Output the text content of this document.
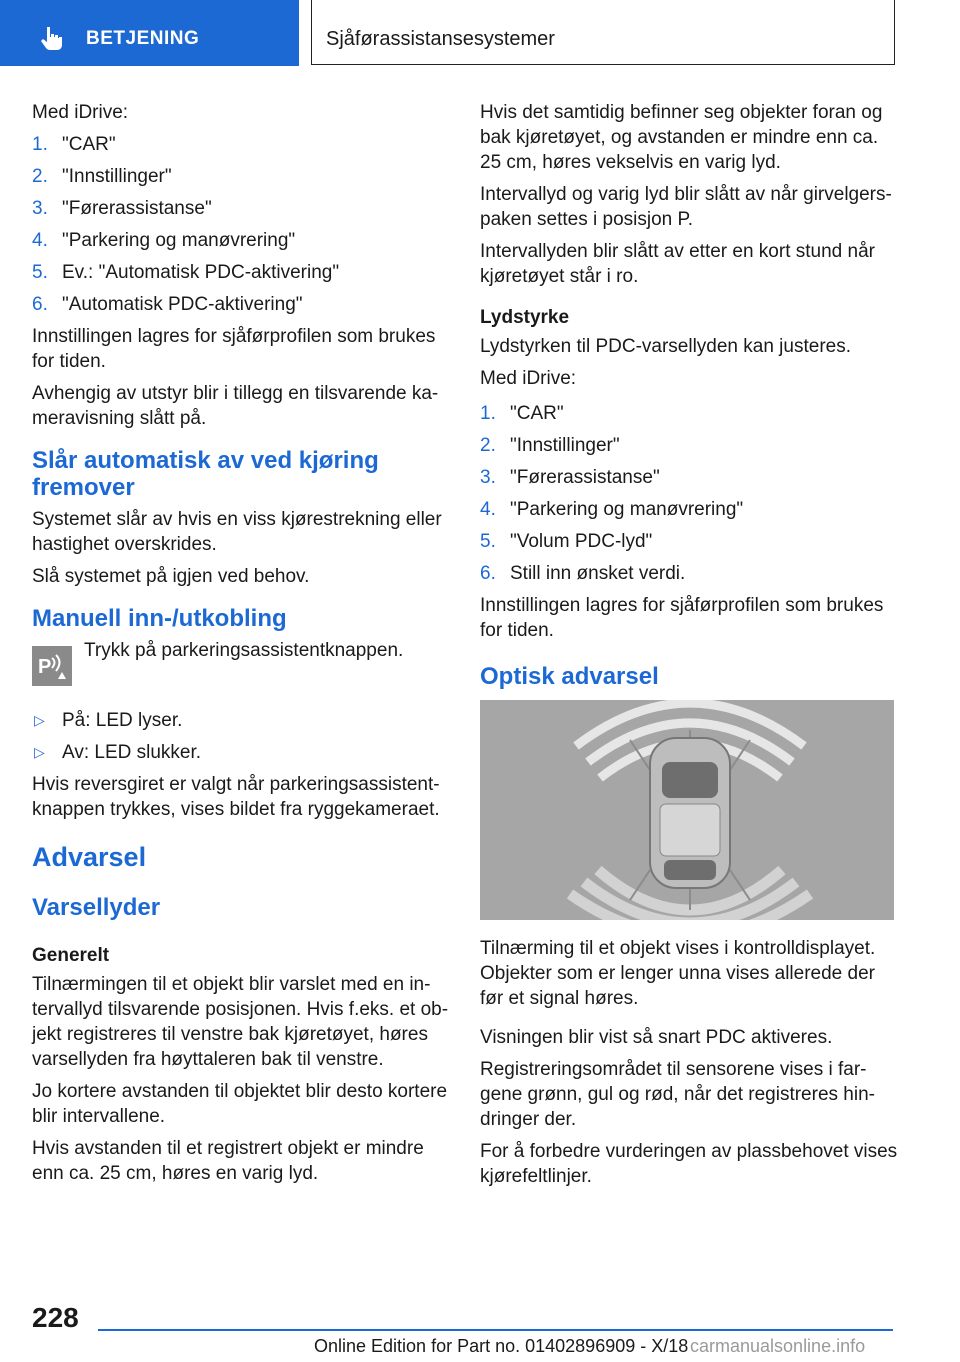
BETJENING	Sjåførassistansesystemer

Med iDrive:

1. "CAR"
2. "Innstillinger"
3. "Førerassistanse"
4. "Parkering og manøvrering"
5. Ev.: "Automatisk PDC-aktivering"
6. "Automatisk PDC-aktivering"

Innstillingen lagres for sjåførprofilen som brukes for tiden.

Avhengig av utstyr blir i tillegg en tilsvarende kameravisning slått på.

Slår automatisk av ved kjøring fremover

Systemet slår av hvis en viss kjørestrekning eller hastighet overskrides.

Slå systemet på igjen ved behov.

Manuell inn-/utkobling
P
Trykk på parkeringsassistentknappen.
▷ På: LED lyser.
▷ Av: LED slukker.

Hvis reversgiret er valgt når parkeringsassistentknappen trykkes, vises bildet fra ryggekameraet.

Advarsel
Varsellyder
Generelt

Tilnærmingen til et objekt blir varslet med en intervallyd tilsvarende posisjonen. Hvis f.eks. et objekt registreres til venstre bak kjøretøyet, høres varsellyden fra høyttaleren bak til venstre.

Jo kortere avstanden til objektet blir desto kortere blir intervallene.

Hvis avstanden til et registrert objekt er mindre enn ca. 25 cm, høres en varig lyd.

Hvis det samtidig befinner seg objekter foran og bak kjøretøyet, og avstanden er mindre enn ca. 25 cm, høres vekselvis en varig lyd.

Intervallyd og varig lyd blir slått av når girvelgerspaken settes i posisjon P.

Intervallyden blir slått av etter en kort stund når kjøretøyet står i ro.

Lydstyrke

Lydstyrken til PDC-varsellyden kan justeres.

Med iDrive:

1. "CAR"
2. "Innstillinger"
3. "Førerassistanse"
4. "Parkering og manøvrering"
5. "Volum PDC-lyd"
6. Still inn ønsket verdi.

Innstillingen lagres for sjåførprofilen som brukes for tiden.

Optisk advarsel

Tilnærming til et objekt vises i kontrolldisplayet. Objekter som er lenger unna vises allerede der før et signal høres.

Visningen blir vist så snart PDC aktiveres.

Registreringsområdet til sensorene vises i fargene grønn, gul og rød, når det registreres hindringer der.

For å forbedre vurderingen av plassbehovet vises kjørefeltlinjer.

228
Online Edition for Part no. 01402896909 - X/18 carmanualsonline.info
